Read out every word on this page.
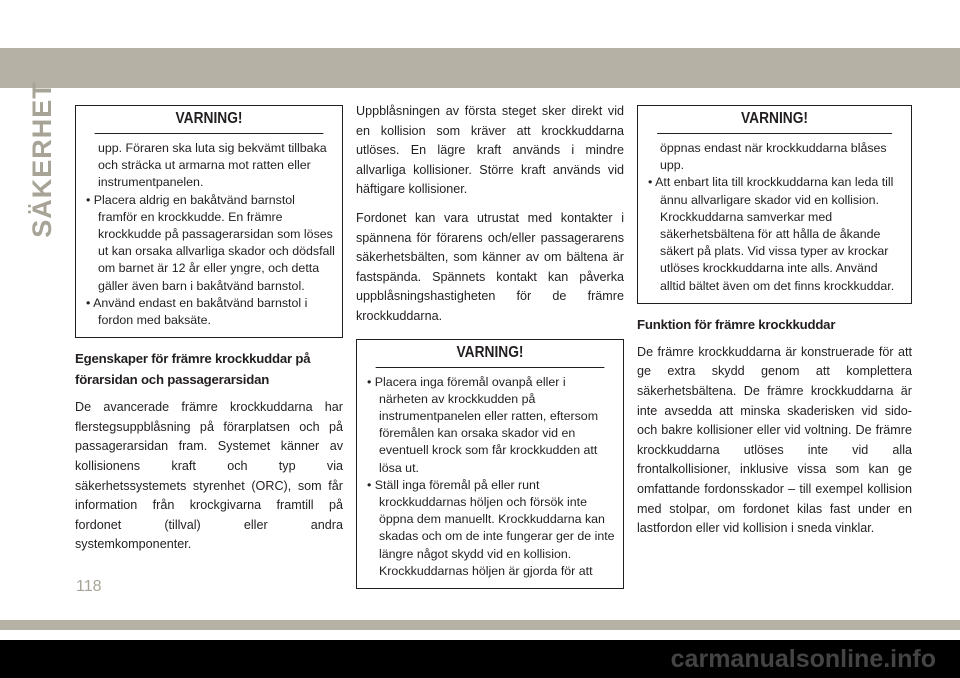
SÄKERHET	VARNING!
upp. Föraren ska luta sig bekvämt tillbaka och sträcka ut armarna mot ratten eller instrumentpanelen.
• Placera aldrig en bakåtvänd barnstol framför en krockkudde. En främre krockkudde på passagerarsidan som löses ut kan orsaka allvarliga skador och dödsfall om barnet är 12 år eller yngre, och detta gäller även barn i bakåtvänd barnstol.
• Använd endast en bakåtvänd barnstol i fordon med baksäte.
Egenskaper för främre krockkuddar på förarsidan och passagerarsidan
De avancerade främre krockkuddarna har flerstegsuppblåsning på förarplatsen och på passagerarsidan fram. Systemet känner av kollisionens kraft och typ via säkerhetssystemets styrenhet (ORC), som får information från krockgivarna framtill på fordonet (tillval) eller andra systemkomponenter.
Uppblåsningen av första steget sker direkt vid en kollision som kräver att krockkuddarna utlöses. En lägre kraft används i mindre allvarliga kollisioner. Större kraft används vid häftigare kollisioner.
Fordonet kan vara utrustat med kontakter i spännena för förarens och/eller passagerarens säkerhetsbälten, som känner av om bältena är fastspända. Spännets kontakt kan påverka uppblåsningshastigheten för de främre krockkuddarna.
VARNING!
• Placera inga föremål ovanpå eller i närheten av krockkudden på instrumentpanelen eller ratten, eftersom föremålen kan orsaka skador vid en eventuell krock som får krockkudden att lösa ut.
• Ställ inga föremål på eller runt krockkuddarnas höljen och försök inte öppna dem manuellt. Krockkuddarna kan skadas och om de inte fungerar ger de inte längre något skydd vid en kollision. Krockkuddarnas höljen är gjorda för att
VARNING!
öppnas endast när krockkuddarna blåses upp.
• Att enbart lita till krockkuddarna kan leda till ännu allvarligare skador vid en kollision. Krockkuddarna samverkar med säkerhetsbältena för att hålla de åkande säkert på plats. Vid vissa typer av krockar utlöses krockkuddarna inte alls. Använd alltid bältet även om det finns krockkuddar.
Funktion för främre krockkuddar
De främre krockkuddarna är konstruerade för att ge extra skydd genom att komplettera säkerhetsbältena. De främre krockkuddarna är inte avsedda att minska skaderisken vid sido- och bakre kollisioner eller vid voltning. De främre krockkuddarna utlöses inte vid alla frontalkollisioner, inklusive vissa som kan ge omfattande fordonsskador – till exempel kollision med stolpar, om fordonet kilas fast under en lastfordon eller vid kollision i sneda vinklar.
118
carmanualsonline.info
